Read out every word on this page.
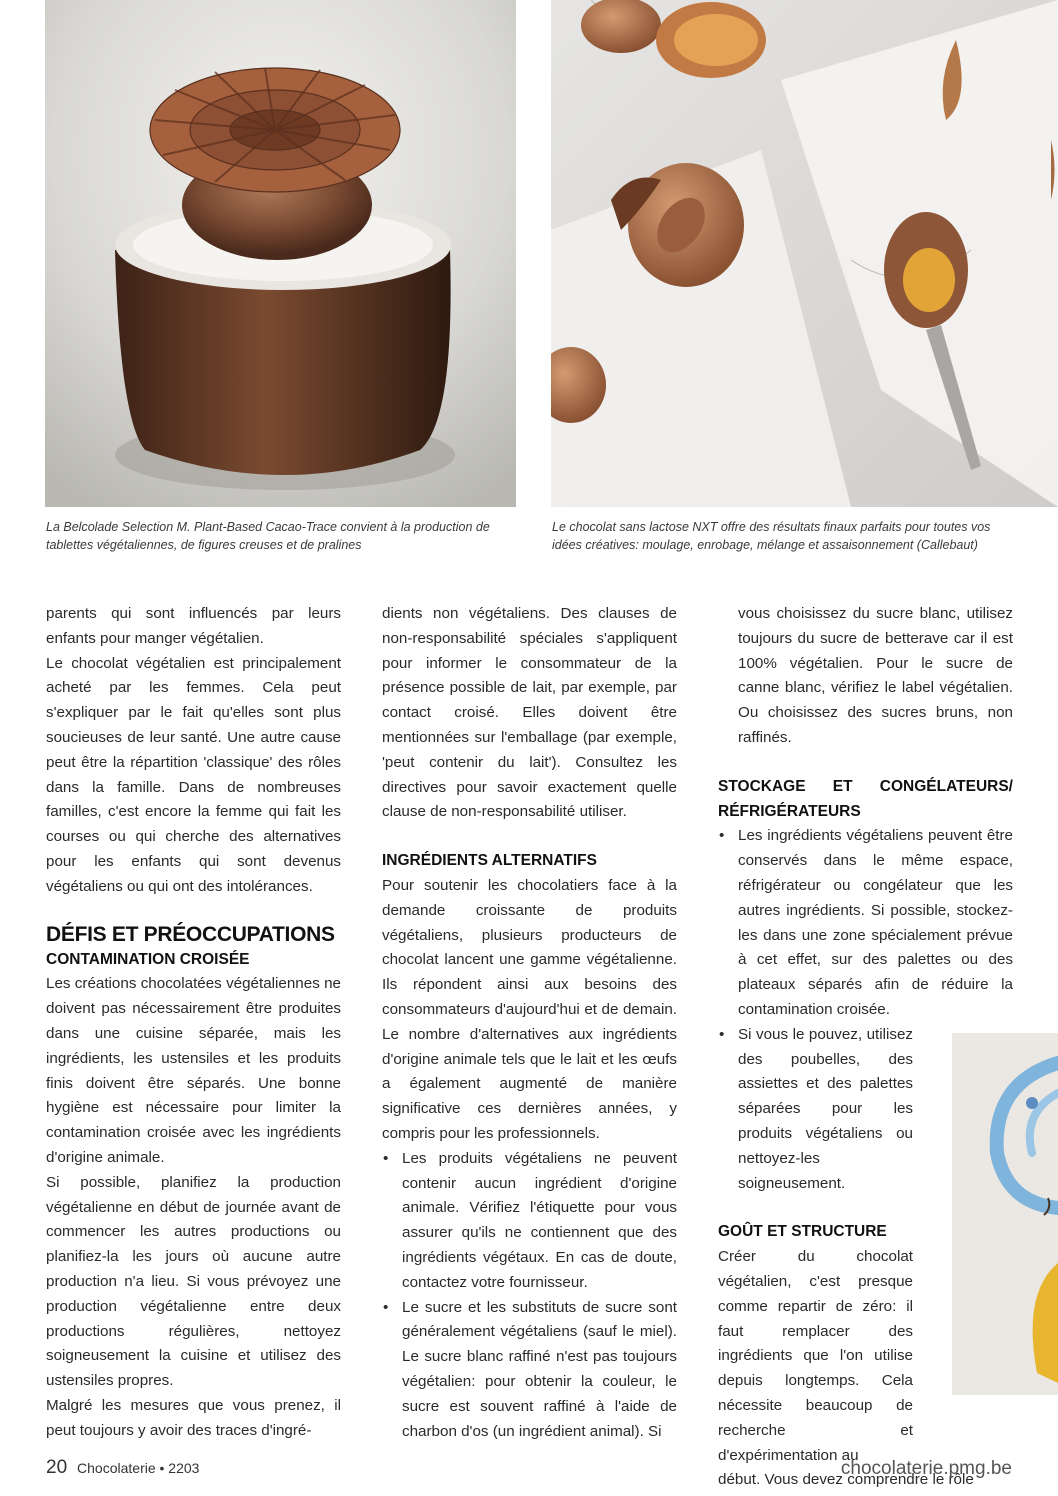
La Belcolade Selection M. Plant-Based Cacao-Trace convient à la production de tablettes végétaliennes, de figures creuses et de pralines

Le chocolat sans lactose NXT offre des résultats finaux parfaits pour toutes vos idées créatives: moulage, enrobage, mélange et assaisonnement (Callebaut)

parents qui sont influencés par leurs enfants pour manger végétalien.

Le chocolat végétalien est principalement acheté par les femmes. Cela peut s'expliquer par le fait qu'elles sont plus soucieuses de leur santé. Une autre cause peut être la répartition 'classique' des rôles dans la famille. Dans de nombreuses familles, c'est encore la femme qui fait les courses ou qui cherche des alternatives pour les enfants qui sont devenus végétaliens ou qui ont des intolérances.

DÉFIS ET PRÉOCCUPATIONS
CONTAMINATION CROISÉE

Les créations chocolatées végétaliennes ne doivent pas nécessairement être produites dans une cuisine séparée, mais les ingrédients, les ustensiles et les produits finis doivent être séparés. Une bonne hygiène est nécessaire pour limiter la contamination croisée avec les ingrédients d'origine animale.

Si possible, planifiez la production végétalienne en début de journée avant de commencer les autres productions ou planifiez-la les jours où aucune autre production n'a lieu. Si vous prévoyez une production végétalienne entre deux productions régulières, nettoyez soigneusement la cuisine et utilisez des ustensiles propres.

Malgré les mesures que vous prenez, il peut toujours y avoir des traces d'ingré-

dients non végétaliens. Des clauses de non-responsabilité spéciales s'appliquent pour informer le consommateur de la présence possible de lait, par exemple, par contact croisé. Elles doivent être mentionnées sur l'emballage (par exemple, 'peut contenir du lait'). Consultez les directives pour savoir exactement quelle clause de non-responsabilité utiliser.

INGRÉDIENTS ALTERNATIFS

Pour soutenir les chocolatiers face à la demande croissante de produits végétaliens, plusieurs producteurs de chocolat lancent une gamme végétalienne. Ils répondent ainsi aux besoins des consommateurs d'aujourd'hui et de demain. Le nombre d'alternatives aux ingrédients d'origine animale tels que le lait et les œufs a également augmenté de manière significative ces dernières années, y compris pour les professionnels.

• Les produits végétaliens ne peuvent contenir aucun ingrédient d'origine animale. Vérifiez l'étiquette pour vous assurer qu'ils ne contiennent que des ingrédients végétaux. En cas de doute, contactez votre fournisseur.
• Le sucre et les substituts de sucre sont généralement végétaliens (sauf le miel). Le sucre blanc raffiné n'est pas toujours végétalien: pour obtenir la couleur, le sucre est souvent raffiné à l'aide de charbon d'os (un ingrédient animal). Si

vous choisissez du sucre blanc, utilisez toujours du sucre de betterave car il est 100% végétalien. Pour le sucre de canne blanc, vérifiez le label végétalien. Ou choisissez des sucres bruns, non raffinés.

STOCKAGE ET CONGÉLATEURS/ RÉFRIGÉRATEURS
• Les ingrédients végétaliens peuvent être conservés dans le même espace, réfrigérateur ou congélateur que les autres ingrédients. Si possible, stockez-les dans une zone spécialement prévue à cet effet, sur des palettes ou des plateaux séparés afin de réduire la contamination croisée.
• Si vous le pouvez, utilisez des poubelles, des assiettes et des palettes séparées pour les produits végétaliens ou nettoyez-les soigneusement.
GOÛT ET STRUCTURE

Créer du chocolat végétalien, c'est presque comme repartir de zéro: il faut remplacer des ingrédients que l'on utilise depuis longtemps. Cela nécessite beaucoup de recherche et d'expérimentation au

début. Vous devez comprendre le rôle

20 Chocolaterie • 2203	chocolaterie.pmg.be
